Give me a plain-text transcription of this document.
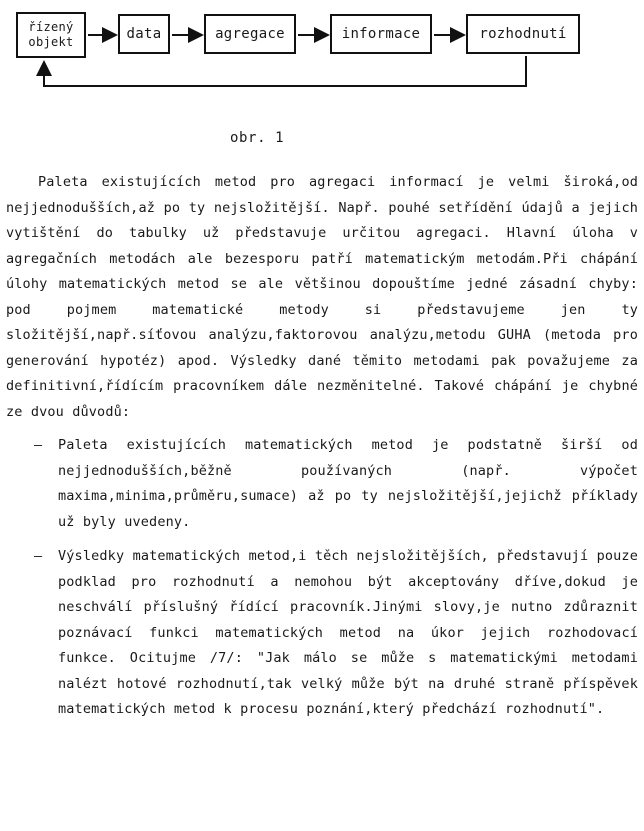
řízený
objekt	data	agregace	informace	rozhodnutí
obr. 1

Paleta existujících metod pro agregaci informací je velmi široká,od nejjednodušších,až po ty nejsložitější. Např. pouhé setřídění údajů a jejich vytištění do tabulky už představuje určitou agregaci. Hlavní úloha v agregačních metodách ale bezesporu patří matematickým metodám.Při chápání úlohy matematických metod se ale většinou dopouštíme jedné zásadní chyby: pod pojmem matematické metody si představujeme jen ty složitější,např.síťovou analýzu,faktorovou analýzu,metodu GUHA (metoda pro generování hypotéz) apod. Výsledky dané těmito metodami pak považujeme za definitivní,řídícím pracovníkem dále nezměnitelné. Takové chápání je chybné ze dvou důvodů:

– Paleta existujících matematických metod je podstatně širší od nejjednodušších,běžně používaných (např. výpočet maxima,minima,průměru,sumace) až po ty nejsložitější,jejichž příklady už byly uvedeny.
– Výsledky matematických metod,i těch nejsložitějších, představují pouze podklad pro rozhodnutí a nemohou být akceptovány dříve,dokud je neschválí příslušný řídící pracovník.Jinými slovy,je nutno zdůraznit poznávací funkci matematických metod na úkor jejich rozhodovací funkce. Ocitujme /7/: "Jak málo se může s matematickými metodami nalézt hotové rozhodnutí,tak velký může být na druhé straně příspěvek matematických metod k procesu poznání,který předchází rozhodnutí".
